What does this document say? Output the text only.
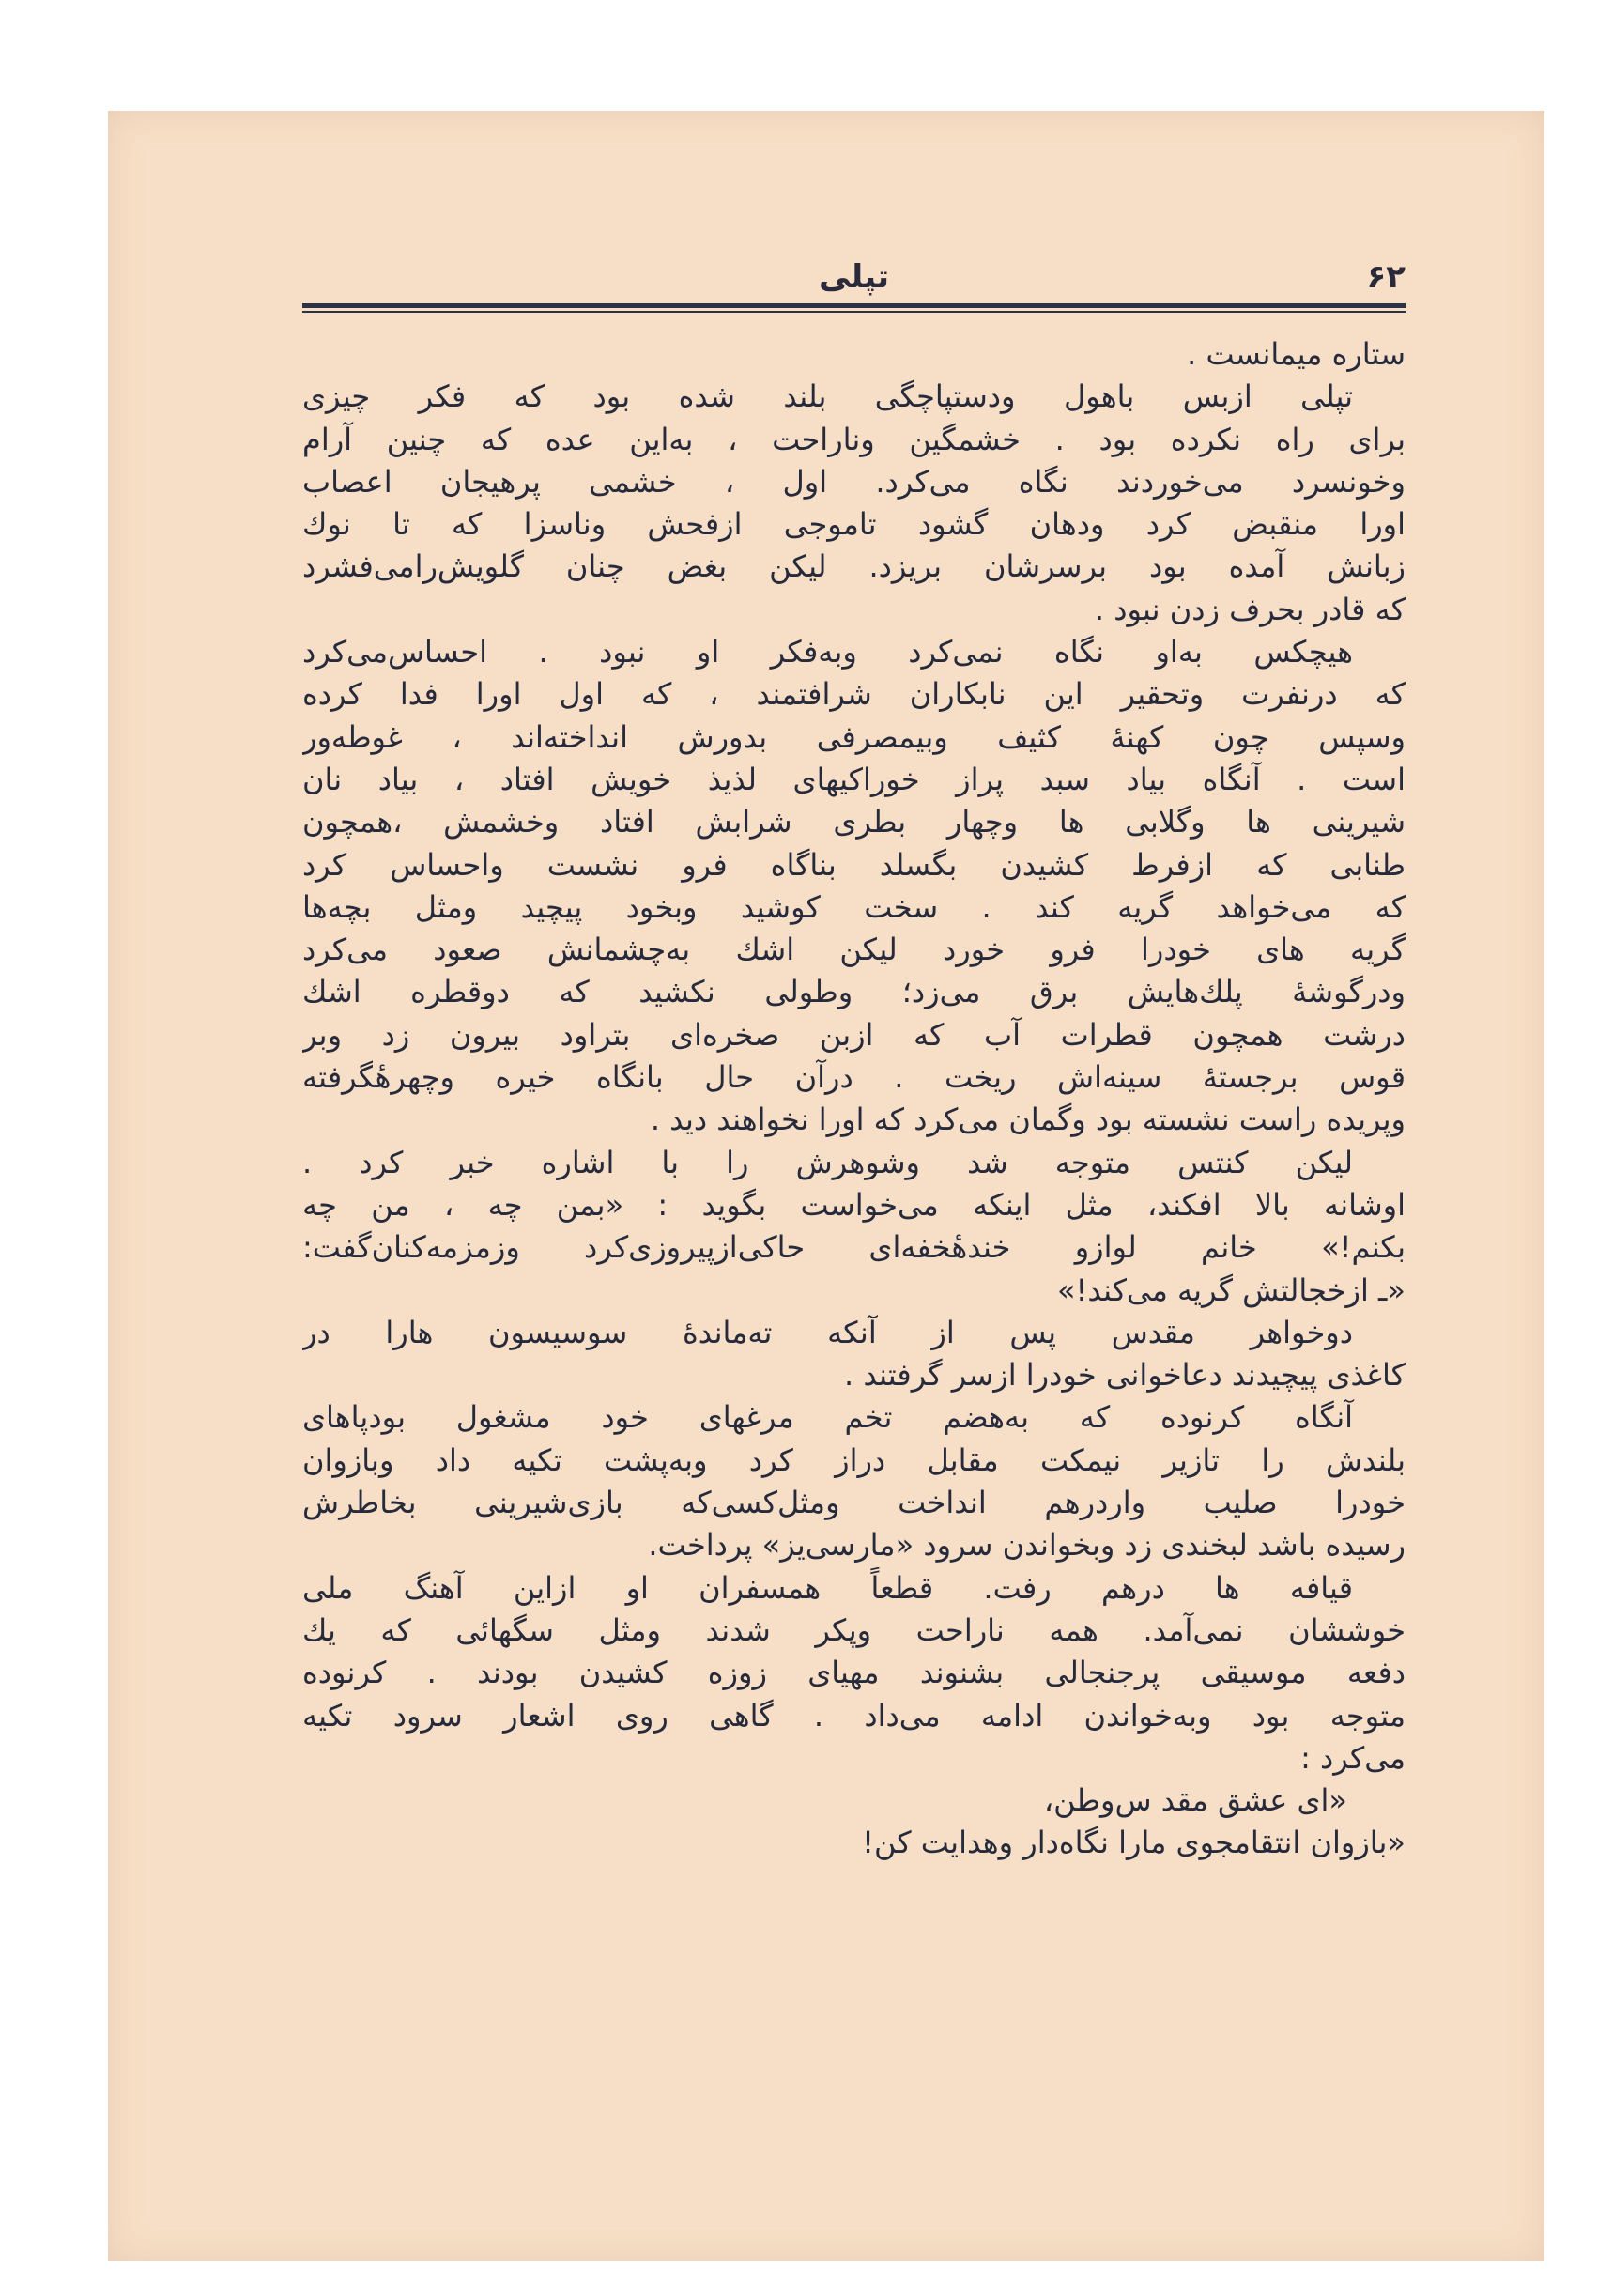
۶۲
تپلی
ستاره میمانست .
تپلی ازبس باهول ودستپاچگی بلند شده بود که فکر چیزی
برای راه نکرده بود . خشمگین وناراحت ، به‌این عده که چنین آرام
وخونسرد می‌خوردند نگاه می‌کرد. اول ، خشمی پرهیجان اعصاب
اورا منقبض کرد ودهان گشود تاموجی ازفحش وناسزا که تا نوك
زبانش آمده بود برسرشان بریزد. لیکن بغض چنان گلویش‌رامی‌فشرد
که قادر بحرف زدن نبود .
هیچکس به‌او نگاه نمی‌کرد وبه‌فکر او نبود . احساس‌می‌کرد
که درنفرت وتحقیر این نابکاران شرافتمند ، که اول اورا فدا کرده
وسپس چون کهنهٔ کثیف وبیمصرفی بدورش انداخته‌اند ، غوطه‌ور
است . آنگاه بیاد سبد پراز خوراکیهای لذیذ خویش افتاد ، بیاد نان
شیرینی ها وگلابی ها وچهار بطری شرابش افتاد وخشمش ،همچون
طنابی که ازفرط کشیدن بگسلد بناگاه فرو نشست واحساس کرد
که می‌خواهد گریه کند . سخت کوشید وبخود پیچید ومثل بچه‌ها
گریه های خودرا فرو خورد لیکن اشك به‌چشمانش صعود می‌کرد
ودرگوشهٔ پلك‌هایش برق می‌زد؛ وطولی نکشید که دوقطره اشك
درشت همچون قطرات آب که ازبن صخره‌ای بتراود بیرون زد وبر
قوس برجستهٔ سینه‌اش ریخت . درآن حال بانگاه خیره وچهرهٔگرفته
وپریده راست نشسته بود وگمان می‌کرد که اورا نخواهند دید .
لیکن کنتس متوجه شد وشوهرش را با اشاره خبر کرد .
اوشانه بالا افکند، مثل اینکه می‌خواست بگوید : «بمن چه ، من چه
بکنم!» خانم لوازو خندهٔخفه‌ای حاکی‌ازپیروزی‌کرد وزمزمه‌کنان‌گفت:
«ـ ازخجالتش گریه می‌کند!»
دوخواهر مقدس پس از آنکه ته‌ماندهٔ سوسیسون هارا در
کاغذی پیچیدند دعاخوانی خودرا ازسر گرفتند .
آنگاه کرنوده که به‌هضم تخم مرغهای خود مشغول بودپاهای
بلندش را تازیر نیمکت مقابل دراز کرد وبه‌پشت تکیه داد وبازوان
خودرا صلیب واردرهم انداخت ومثل‌کسی‌که بازی‌شیرینی بخاطرش
رسیده باشد لبخندی زد وبخواندن سرود «مارسی‌یز» پرداخت.
قیافه ها درهم رفت. قطعاً همسفران او ازاین آهنگ ملی
خوششان نمی‌آمد. همه ناراحت وپکر شدند ومثل سگهائی که یك
دفعه موسیقی پرجنجالی بشنوند مهیای زوزه کشیدن بودند . کرنوده
متوجه بود وبه‌خواندن ادامه می‌داد . گاهی روی اشعار سرود تکیه
می‌کرد :
«ای عشق مقد س‌وطن،
«بازوان انتقامجوی مارا نگاه‌دار وهدایت کن!
